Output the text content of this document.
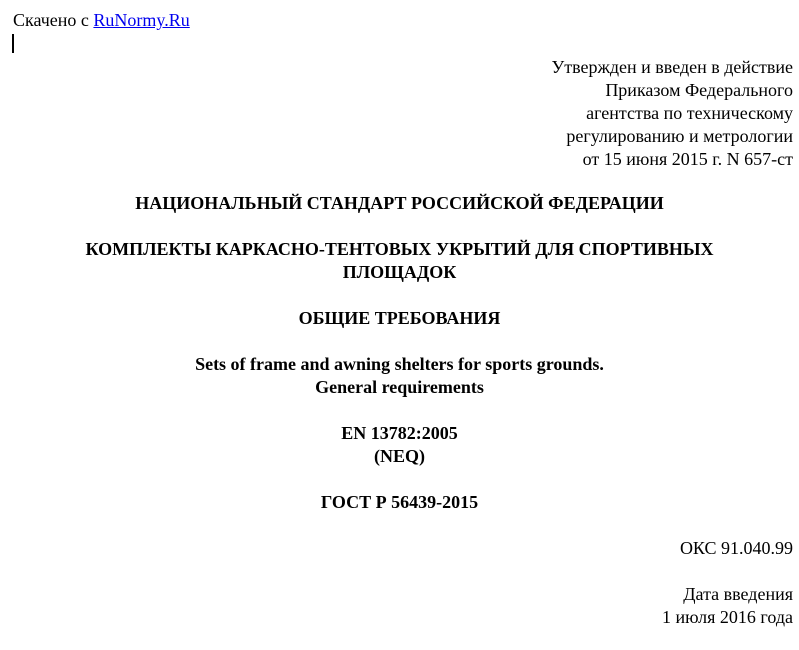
Скачено с RuNormy.Ru
Утвержден и введен в действие
Приказом Федерального
агентства по техническому
регулированию и метрологии
от 15 июня 2015 г. N 657-ст
НАЦИОНАЛЬНЫЙ СТАНДАРТ РОССИЙСКОЙ ФЕДЕРАЦИИ
КОМПЛЕКТЫ КАРКАСНО-ТЕНТОВЫХ УКРЫТИЙ ДЛЯ СПОРТИВНЫХ
ПЛОЩАДОК
ОБЩИЕ ТРЕБОВАНИЯ
Sets of frame and awning shelters for sports grounds.
General requirements
EN 13782:2005
(NEQ)
ГОСТ Р 56439-2015
ОКС 91.040.99
Дата введения
1 июля 2016 года
